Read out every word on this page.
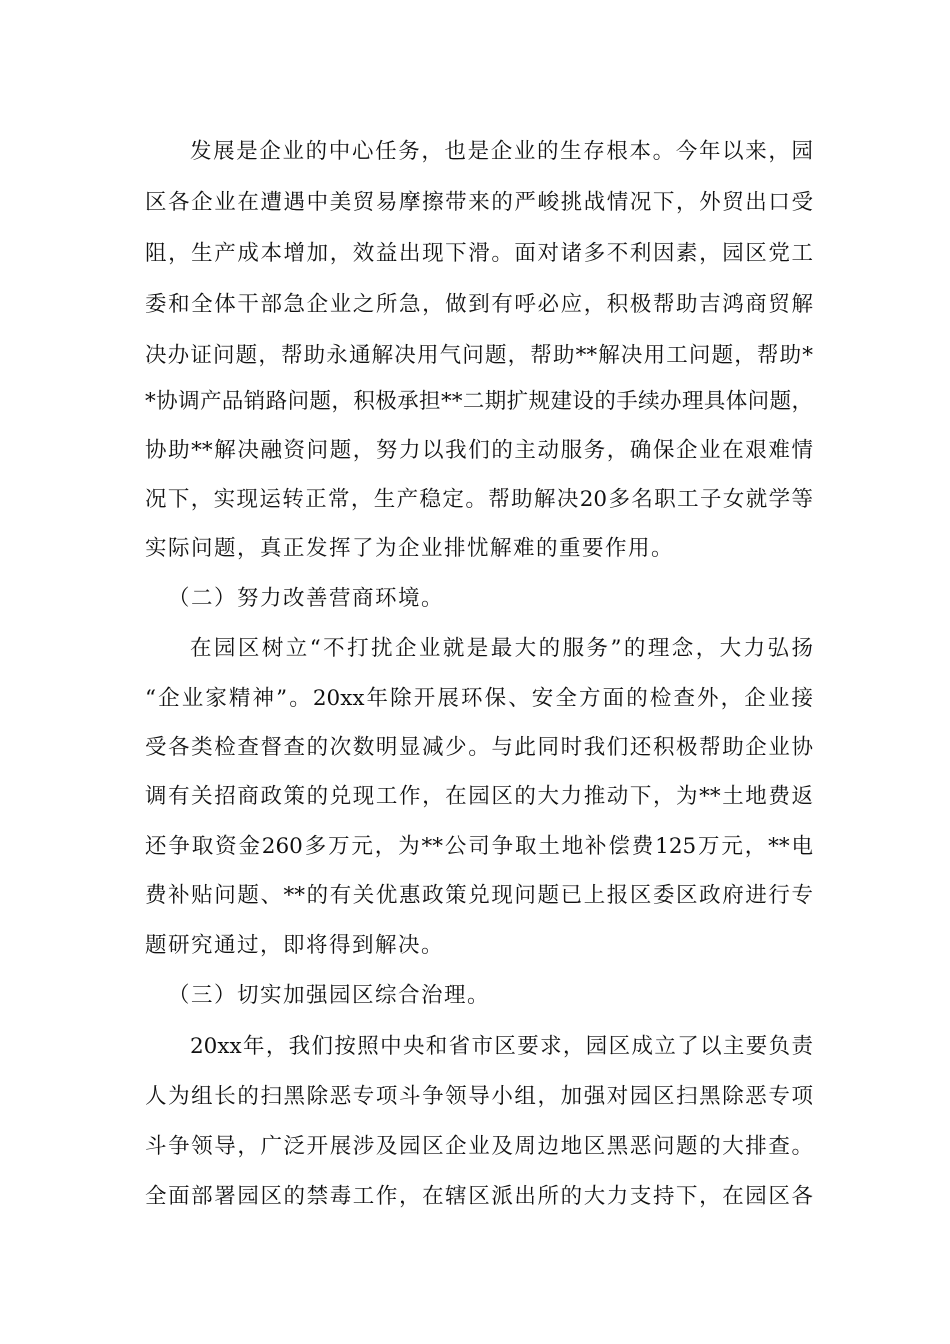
发展是企业的中心任务，也是企业的生存根本。今年以来，园
区各企业在遭遇中美贸易摩擦带来的严峻挑战情况下，外贸出口受
阻，生产成本增加，效益出现下滑。面对诸多不利因素，园区党工
委和全体干部急企业之所急，做到有呼必应，积极帮助吉鸿商贸解
决办证问题，帮助永通解决用气问题，帮助**解决用工问题，帮助*
*协调产品销路问题，积极承担**二期扩规建设的手续办理具体问题，
协助**解决融资问题，努力以我们的主动服务，确保企业在艰难情
况下，实现运转正常，生产稳定。帮助解决20多名职工子女就学等
实际问题，真正发挥了为企业排忧解难的重要作用。
（二）努力改善营商环境。
在园区树立“不打扰企业就是最大的服务”的理念，大力弘扬
“企业家精神”。20xx年除开展环保、安全方面的检查外，企业接
受各类检查督查的次数明显减少。与此同时我们还积极帮助企业协
调有关招商政策的兑现工作，在园区的大力推动下，为**土地费返
还争取资金260多万元，为**公司争取土地补偿费125万元，**电
费补贴问题、**的有关优惠政策兑现问题已上报区委区政府进行专
题研究通过，即将得到解决。
（三）切实加强园区综合治理。
20xx年，我们按照中央和省市区要求，园区成立了以主要负责
人为组长的扫黑除恶专项斗争领导小组，加强对园区扫黑除恶专项
斗争领导，广泛开展涉及园区企业及周边地区黑恶问题的大排查。
全面部署园区的禁毒工作，在辖区派出所的大力支持下，在园区各
